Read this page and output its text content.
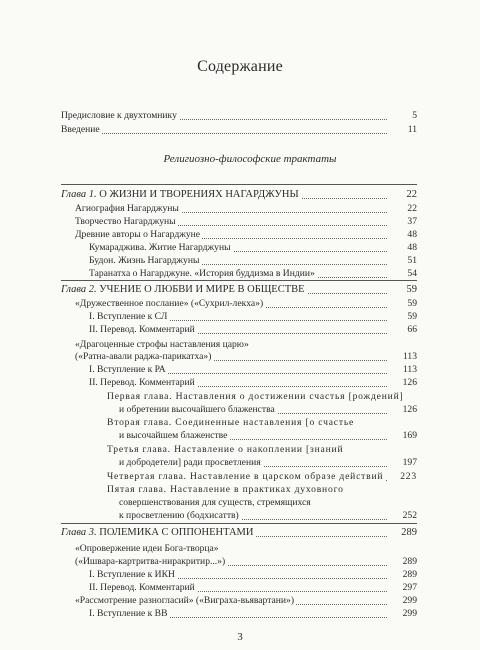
Содержание
Предисловие к двухтомнику	5
Введение	11
Религиозно-философские трактаты
Глава 1. О ЖИЗНИ И ТВОРЕНИЯХ НАГАРДЖУНЫ	22
Агиография Нагарджуны	22
Творчество Нагарджуны	37
Древние авторы о Нагарджуне	48
Кумарадживa. Житие Нагарджуны	48
Будон. Жизнь Нагарджуны	51
Таранатха о Нагарджуне. «История буддизма в Индии»	54
Глава 2. УЧЕНИЕ О ЛЮБВИ И МИРЕ В ОБЩЕСТВЕ	59
«Дружественное послание» («Сухрил-лекха»)	59
I. Вступление к СЛ	59
II. Перевод. Комментарий	66
«Драгоценные строфы наставления царю»
(«Ратна-авали раджа-парикатха»)	113
I. Вступление к РА	113
II. Перевод. Комментарий	126
Первая глава. Наставления о достижении счастья [рождений]
и обретении высочайшего блаженства	126
Вторая глава. Соединенные наставления [о счастье
и высочайшем блаженстве	169
Третья глава. Наставление о накоплении [знаний
и добродетели] ради просветления	197
Четвертая глава. Наставление в царском образе действий	223
Пятая глава. Наставление в практиках духовного
совершенствования для существ, стремящихся
к просветлению (бодхисаттв)	252
Глава 3. ПОЛЕМИКА С ОППОНЕНТАМИ	289
«Опровержение идеи Бога-творца»
(«Ишвара-картритва-ниракритир...»)	289
I. Вступление к ИКН	289
II. Перевод. Комментарий	297
«Рассмотрение разногласий» («Виграха-вьявартани»)	299
I. Вступление к ВВ	299
3
